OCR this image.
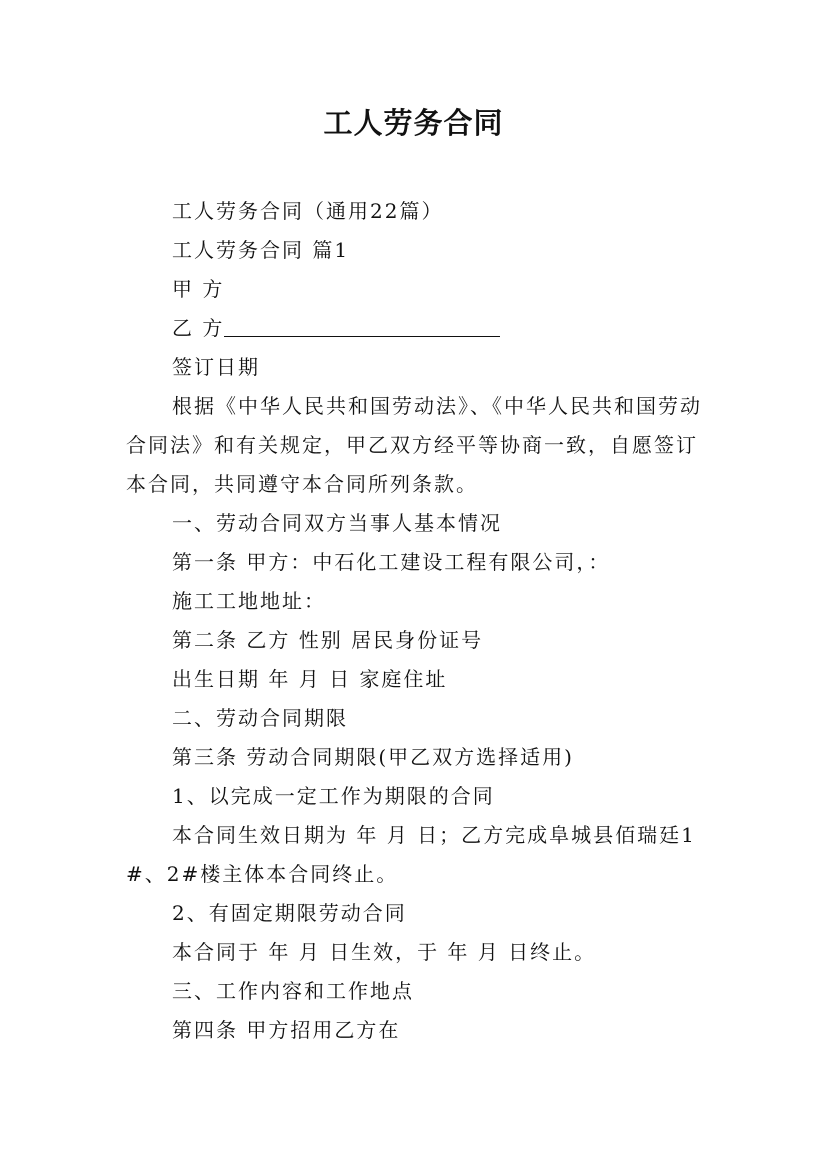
工人劳务合同

工人劳务合同（通用22篇）

工人劳务合同 篇1

甲 方

乙 方

签订日期

根据《中华人民共和国劳动法》、《中华人民共和国劳动合同法》和有关规定，甲乙双方经平等协商一致，自愿签订本合同，共同遵守本合同所列条款。

一、劳动合同双方当事人基本情况

第一条 甲方：中石化工建设工程有限公司，：

施工工地地址：

第二条 乙方 性别 居民身份证号

出生日期 年 月 日 家庭住址

二、劳动合同期限

第三条 劳动合同期限(甲乙双方选择适用)

1、以完成一定工作为期限的合同

本合同生效日期为 年 月 日；乙方完成阜城县佰瑞廷1#、2#楼主体本合同终止。

2、有固定期限劳动合同

本合同于 年 月 日生效，于 年 月 日终止。

三、工作内容和工作地点

第四条 甲方招用乙方在
